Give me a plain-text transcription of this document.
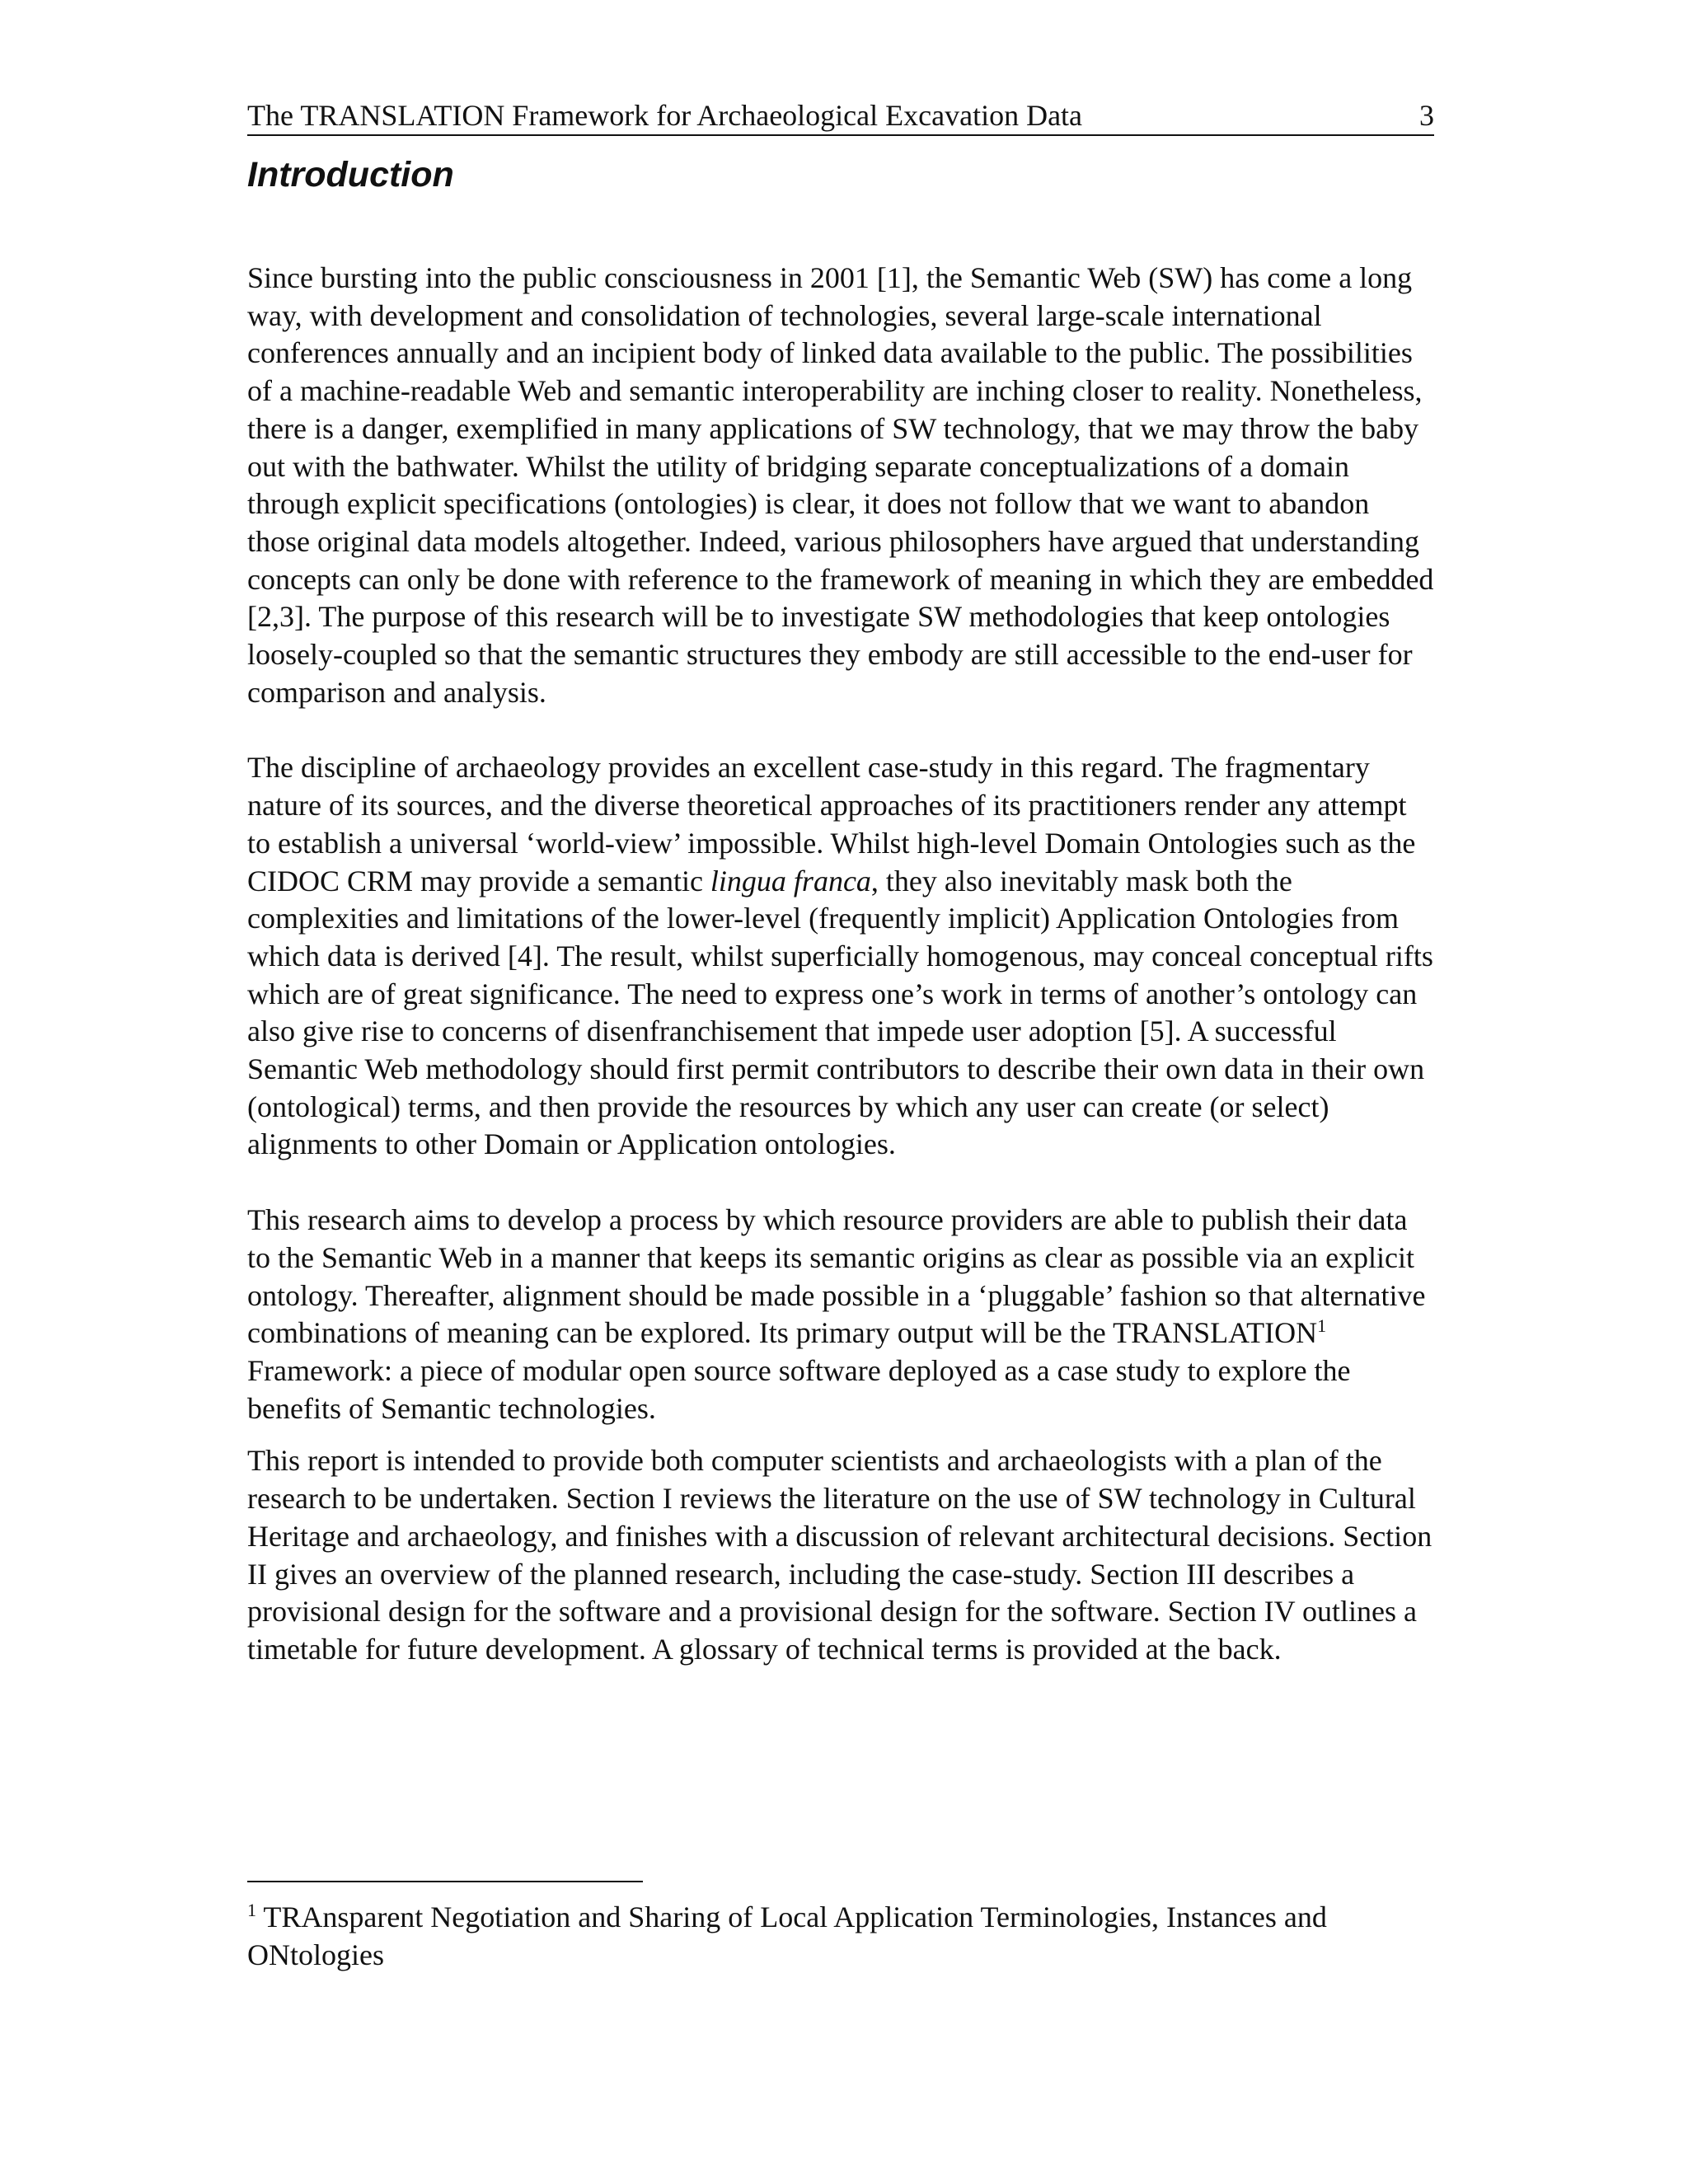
The TRANSLATION Framework for Archaeological Excavation Data	3
Introduction

Since bursting into the public consciousness in 2001 [1], the Semantic Web (SW) has come a long way, with development and consolidation of technologies, several large-scale international conferences annually and an incipient body of linked data available to the public. The possibilities of a machine-readable Web and semantic interoperability are inching closer to reality. Nonetheless, there is a danger, exemplified in many applications of SW technology, that we may throw the baby out with the bathwater. Whilst the utility of bridging separate conceptualizations of a domain through explicit specifications (ontologies) is clear, it does not follow that we want to abandon those original data models altogether. Indeed, various philosophers have argued that understanding concepts can only be done with reference to the framework of meaning in which they are embedded [2,3]. The purpose of this research will be to investigate SW methodologies that keep ontologies loosely-coupled so that the semantic structures they embody are still accessible to the end-user for comparison and analysis.

The discipline of archaeology provides an excellent case-study in this regard. The fragmentary nature of its sources, and the diverse theoretical approaches of its practitioners render any attempt to establish a universal ‘world-view’ impossible. Whilst high-level Domain Ontologies such as the CIDOC CRM may provide a semantic lingua franca, they also inevitably mask both the complexities and limitations of the lower-level (frequently implicit) Application Ontologies from which data is derived [4]. The result, whilst superficially homogenous, may conceal conceptual rifts which are of great significance. The need to express one’s work in terms of another’s ontology can also give rise to concerns of disenfranchisement that impede user adoption [5]. A successful Semantic Web methodology should first permit contributors to describe their own data in their own (ontological) terms, and then provide the resources by which any user can create (or select) alignments to other Domain or Application ontologies.

This research aims to develop a process by which resource providers are able to publish their data to the Semantic Web in a manner that keeps its semantic origins as clear as possible via an explicit ontology. Thereafter, alignment should be made possible in a ‘pluggable’ fashion so that alternative combinations of meaning can be explored. Its primary output will be the TRANSLATION$^1$ Framework: a piece of modular open source software deployed as a case study to explore the benefits of Semantic technologies.

This report is intended to provide both computer scientists and archaeologists with a plan of the research to be undertaken. Section I reviews the literature on the use of SW technology in Cultural Heritage and archaeology, and finishes with a discussion of relevant architectural decisions. Section II gives an overview of the planned research, including the case-study. Section III describes a provisional design for the software and a provisional design for the software. Section IV outlines a timetable for future development. A glossary of technical terms is provided at the back.

$^1$ TRAnsparent Negotiation and Sharing of Local Application Terminologies, Instances and ONtologies
